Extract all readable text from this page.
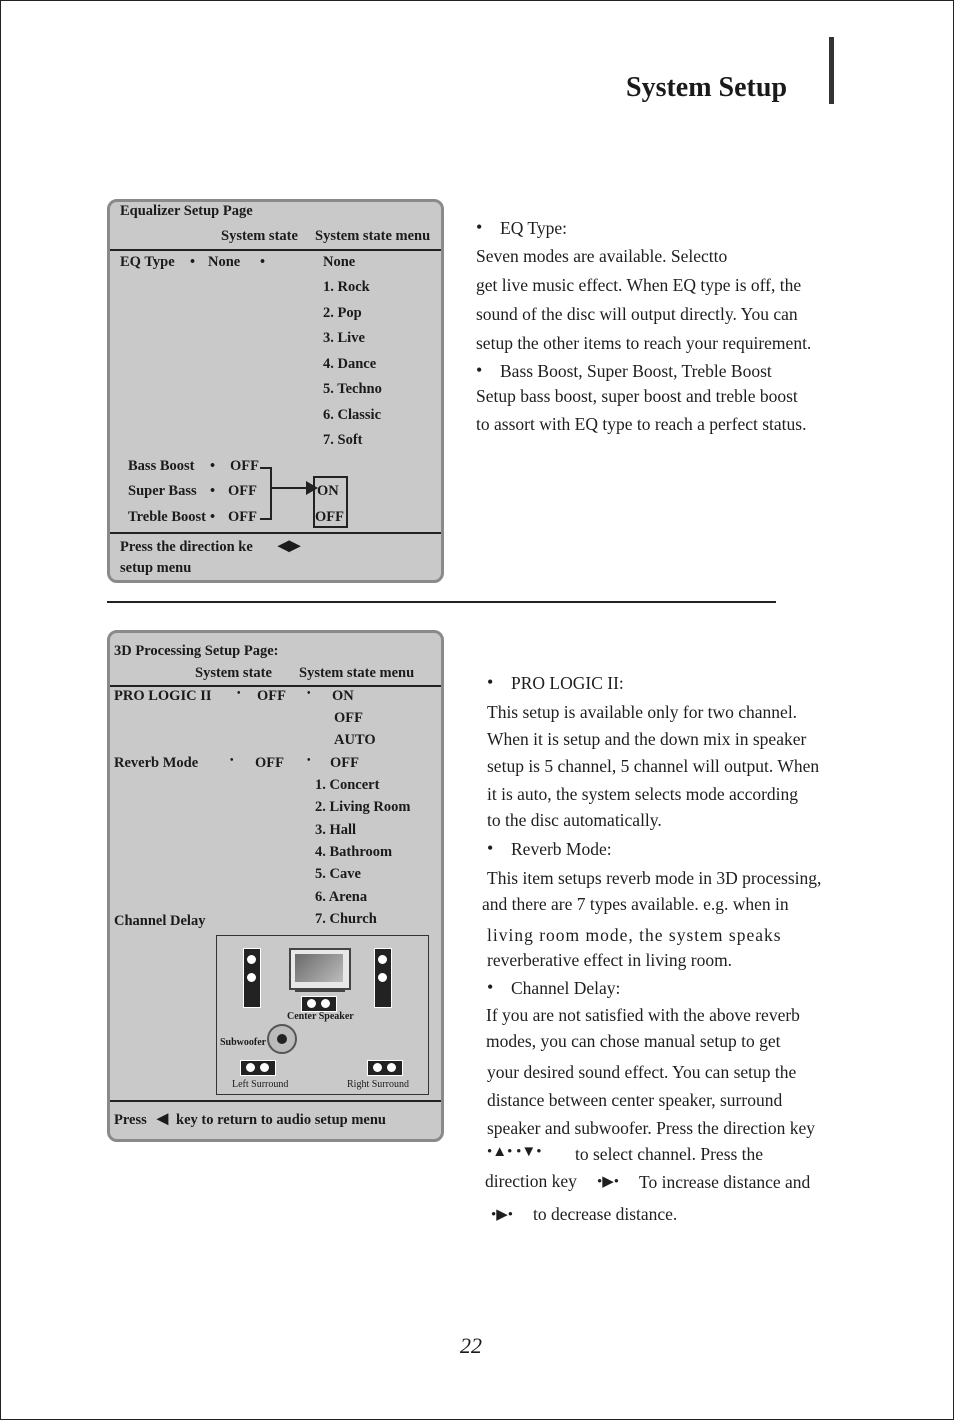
System Setup
Equalizer Setup Page
System state System state menu
EQ Type • None •	None
1. Rock
2. Pop
3. Live
4. Dance
5. Techno
6. Classic
7. Soft
Bass Boost • OFF
Super Bass • OFF
Treble Boost • OFF
ON
OFF
Press the direction ke ◀▶
setup menu
• EQ Type:
Seven modes are available. Selectto
get live music effect. When EQ type is off, the
sound of the disc will output directly. You can
setup the other items to reach your requirement.
• Bass Boost, Super Boost, Treble Boost
Setup bass boost, super boost and treble boost
to assort with EQ type to reach a perfect status.
3D Processing Setup Page:
System state System state menu
PRO LOGIC II	• OFF • ON
OFF
AUTO
Reverb Mode	• OFF • OFF
1. Concert
2. Living Room
3. Hall
4. Bathroom
5. Cave
6. Arena
7. Church
Channel Delay
Center Speaker
Subwoofer
Left Surround	Right Surround
Press ◀ key to return to audio setup menu
• PRO LOGIC II:
This setup is available only for two channel.
When it is setup and the down mix in speaker
setup is 5 channel, 5 channel will output. When
it is auto, the system selects mode according
to the disc automatically.
• Reverb Mode:
This item setups reverb mode in 3D processing,
and there are 7 types available. e.g. when in
living room mode, the system speaks
reverberative effect in living room.
• Channel Delay:
If you are not satisfied with the above reverb
modes, you can chose manual setup to get
your desired sound effect. You can setup the
distance between center speaker, surround
speaker and subwoofer. Press the direction key
•▲• •▼• to select channel. Press the
direction key •▶• To increase distance and
•▶• to decrease distance.
22
